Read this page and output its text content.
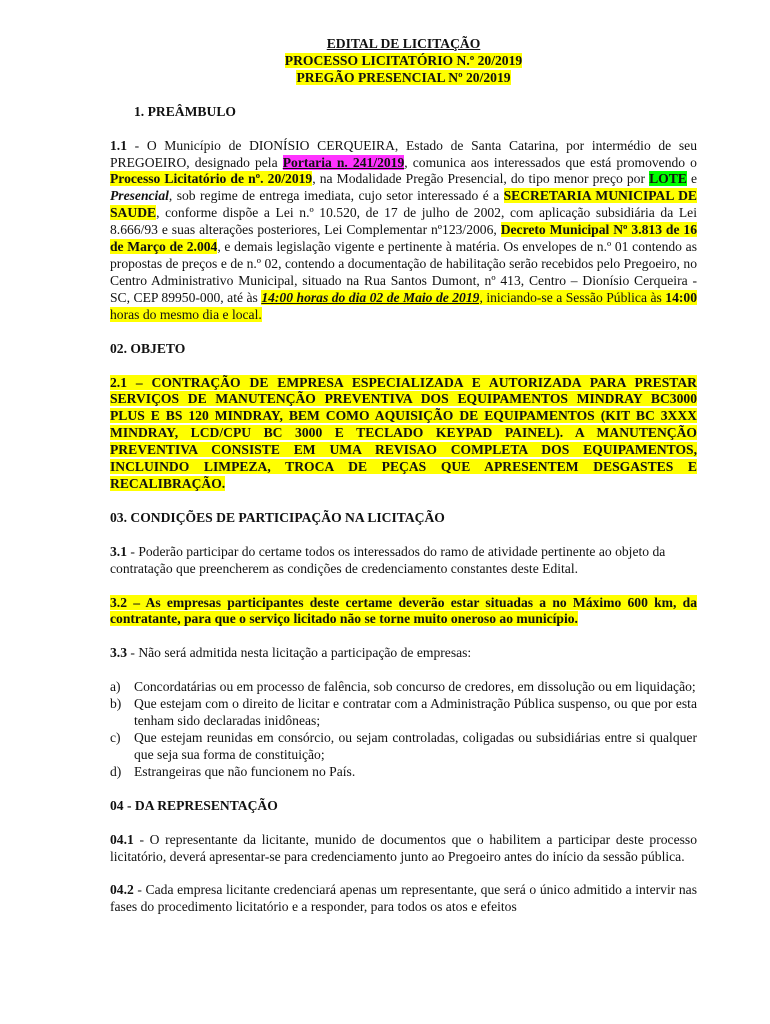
EDITAL DE LICITAÇÃO
PROCESSO LICITATÓRIO N.º 20/2019
PREGÃO PRESENCIAL Nº 20/2019
1. PREÂMBULO

1.1 - O Município de DIONÍSIO CERQUEIRA, Estado de Santa Catarina, por intermédio de seu PREGOEIRO, designado pela Portaria n. 241/2019, comunica aos interessados que está promovendo o Processo Licitatório de nº. 20/2019, na Modalidade Pregão Presencial, do tipo menor preço por LOTE e Presencial, sob regime de entrega imediata, cujo setor interessado é a SECRETARIA MUNICIPAL DE SAUDE, conforme dispõe a Lei n.º 10.520, de 17 de julho de 2002, com aplicação subsidiária da Lei 8.666/93 e suas alterações posteriores, Lei Complementar nº123/2006, Decreto Municipal Nº 3.813 de 16 de Março de 2.004, e demais legislação vigente e pertinente à matéria. Os envelopes de n.º 01 contendo as propostas de preços e de n.º 02, contendo a documentação de habilitação serão recebidos pelo Pregoeiro, no Centro Administrativo Municipal, situado na Rua Santos Dumont, nº 413, Centro – Dionísio Cerqueira -SC, CEP 89950-000, até às 14:00 horas do dia 02 de Maio de 2019, iniciando-se a Sessão Pública às 14:00 horas do mesmo dia e local.

02. OBJETO

2.1 – CONTRAÇÃO DE EMPRESA ESPECIALIZADA E AUTORIZADA PARA PRESTAR SERVIÇOS DE MANUTENÇÃO PREVENTIVA DOS EQUIPAMENTOS MINDRAY BC3000 PLUS E BS 120 MINDRAY, BEM COMO AQUISIÇÃO DE EQUIPAMENTOS (KIT BC 3XXX MINDRAY, LCD/CPU BC 3000 E TECLADO KEYPAD PAINEL). A MANUTENÇÃO PREVENTIVA CONSISTE EM UMA REVISAO COMPLETA DOS EQUIPAMENTOS, INCLUINDO LIMPEZA, TROCA DE PEÇAS QUE APRESENTEM DESGASTES E RECALIBRAÇÃO.

03. CONDIÇÕES DE PARTICIPAÇÃO NA LICITAÇÃO

3.1 - Poderão participar do certame todos os interessados do ramo de atividade pertinente ao objeto da contratação que preencherem as condições de credenciamento constantes deste Edital.

3.2 – As empresas participantes deste certame deverão estar situadas a no Máximo 600 km, da contratante, para que o serviço licitado não se torne muito oneroso ao município.

3.3 - Não será admitida nesta licitação a participação de empresas:

a) Concordatárias ou em processo de falência, sob concurso de credores, em dissolução ou em liquidação;
b) Que estejam com o direito de licitar e contratar com a Administração Pública suspenso, ou que por esta tenham sido declaradas inidôneas;
c) Que estejam reunidas em consórcio, ou sejam controladas, coligadas ou subsidiárias entre si qualquer que seja sua forma de constituição;
d) Estrangeiras que não funcionem no País.
04 - DA REPRESENTAÇÃO

04.1 - O representante da licitante, munido de documentos que o habilitem a participar deste processo licitatório, deverá apresentar-se para credenciamento junto ao Pregoeiro antes do início da sessão pública.

04.2 - Cada empresa licitante credenciará apenas um representante, que será o único admitido a intervir nas fases do procedimento licitatório e a responder, para todos os atos e efeitos
